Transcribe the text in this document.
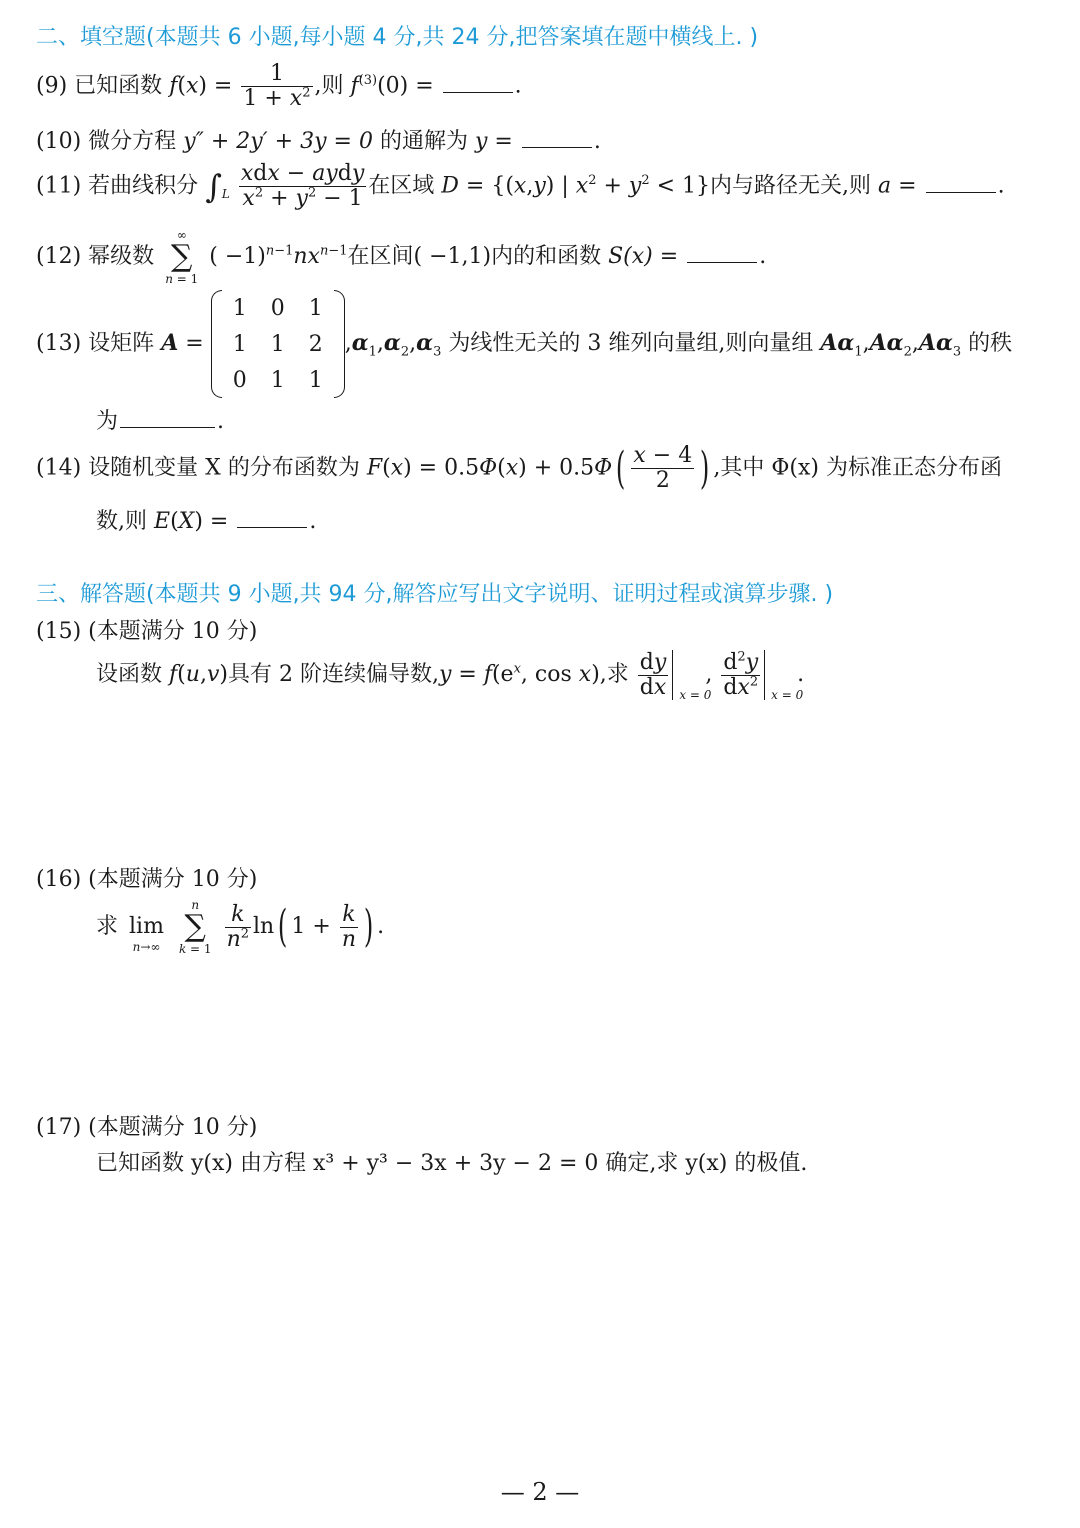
二、填空题(本题共 6 小题,每小题 4 分,共 24 分,把答案填在题中横线上. )
(9) 已知函数 $f(x) = \frac{1}{1 + x^2}$ ,则 $f^{(3)}(0)$ =	.
(10) 微分方程 y″ + 2y′ + 3y = 0 的通解为 y =	.
(11) 若曲线积分 $\int_L \frac{\text{xdx − aydy}}{x^2 + y^2 - 1}$ 在区域 D = {(x,y) | $x^2 + y^2 < 1$}内与路径无关,则 a =	.
(12) 幂级数
∞
∑
n = 1
( $-1)^{n-1}nx^{n-1}$在区间( −1,1)内的和函数 S(x) =	.
(13) 设矩阵 A =
1	0	1
1	1	2
0	1	1
$,\alpha_1,\alpha_2,\alpha_3$ 为线性无关的 3 维列向量组,则向量组 $A\alpha_1,A\alpha_2,A\alpha_3$ 的秩
为	.
(14) 设随机变量 X 的分布函数为 $F(x) = 0.5\Phi(x) + 0.5\Phi( \frac{x - 4}{2}$ ) ,其中 Φ(x) 为标准正态分布函
数,则 E(X) =	.
三、解答题(本题共 9 小题,共 94 分,解答应写出文字说明、证明过程或演算步骤. )
(15) (本题满分 10 分)
设函数 f(u,v)具有 2 阶连续偏导数$,y = f(e^x$, cos x),求 $\frac{dy}{dx}$ x = 0
, $\frac{d^2y}{dx^2}$ x = 0
.
(16) (本题满分 10 分)
求
lim
n→∞

n
∑
k = 1
$\frac{k}{n^2} \ln$( $1 + \frac{k}{n}$ ) .
(17) (本题满分 10 分)
已知函数 y(x) 由方程 x³ + y³ − 3x + 3y − 2 = 0 确定,求 y(x) 的极值.
— 2 —
